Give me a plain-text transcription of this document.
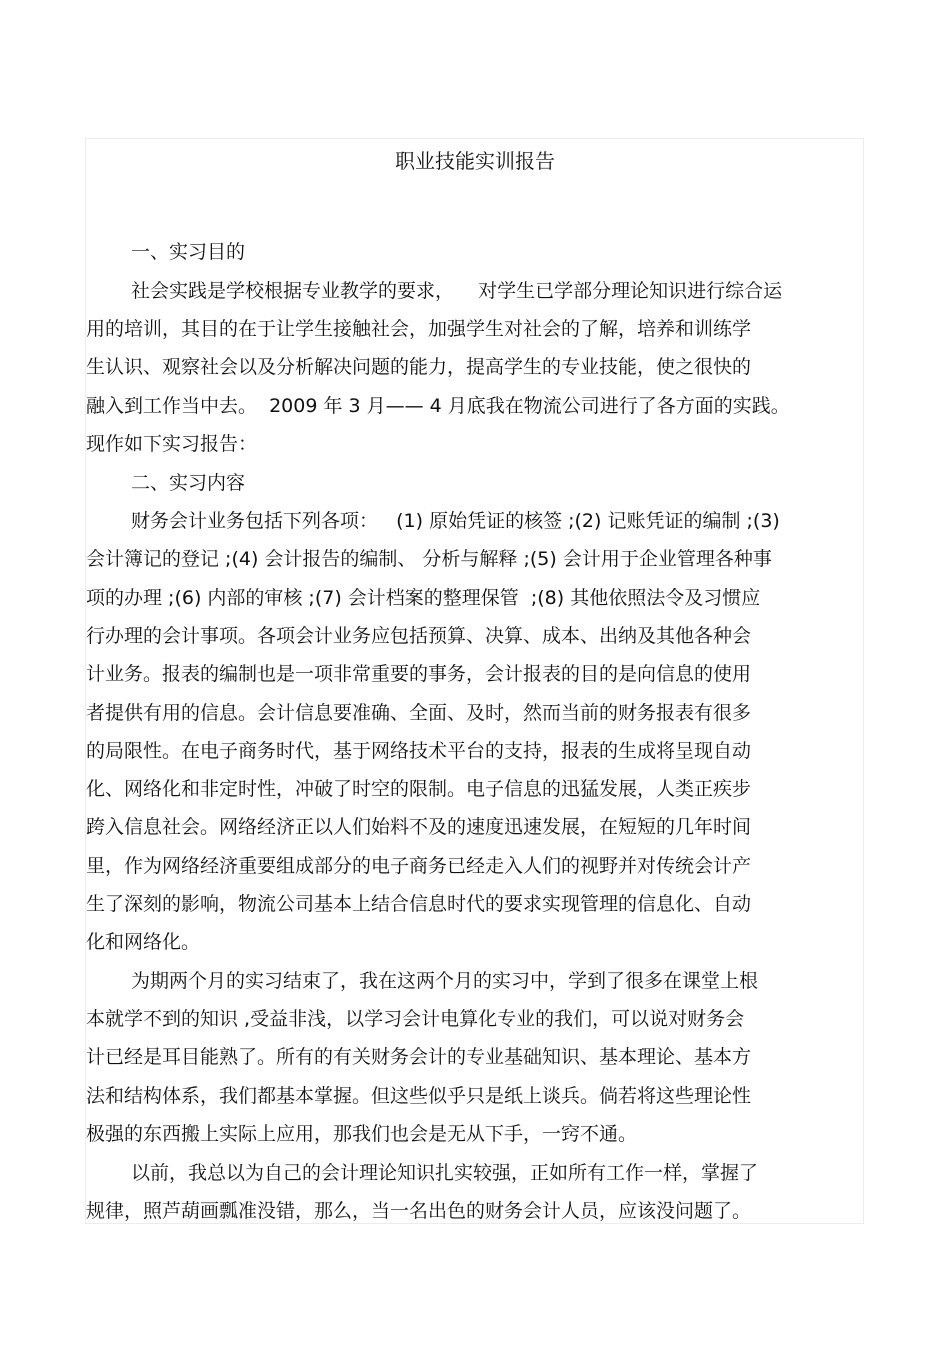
职业技能实训报告
一、实习目的
社会实践是学校根据专业教学的要求，    对学生已学部分理论知识进行综合运
用的培训，其目的在于让学生接触社会，加强学生对社会的了解，培养和训练学
生认识、观察社会以及分析解决问题的能力，提高学生的专业技能，使之很快的
融入到工作当中去。  2009 年 3 月—— 4 月底我在物流公司进行了各方面的实践。
现作如下实习报告：
二、实习内容
财务会计业务包括下列各项：   (1) 原始凭证的核签 ;(2) 记账凭证的编制 ;(3)
会计簿记的登记 ;(4) 会计报告的编制、 分析与解释 ;(5) 会计用于企业管理各种事
项的办理 ;(6) 内部的审核 ;(7) 会计档案的整理保管  ;(8) 其他依照法令及习惯应
行办理的会计事项。各项会计业务应包括预算、决算、成本、出纳及其他各种会
计业务。报表的编制也是一项非常重要的事务，会计报表的目的是向信息的使用
者提供有用的信息。会计信息要准确、全面、及时，然而当前的财务报表有很多
的局限性。在电子商务时代，基于网络技术平台的支持，报表的生成将呈现自动
化、网络化和非定时性，冲破了时空的限制。电子信息的迅猛发展，人类正疾步
跨入信息社会。网络经济正以人们始料不及的速度迅速发展，在短短的几年时间
里，作为网络经济重要组成部分的电子商务已经走入人们的视野并对传统会计产
生了深刻的影响，物流公司基本上结合信息时代的要求实现管理的信息化、自动
化和网络化。
为期两个月的实习结束了，我在这两个月的实习中，学到了很多在课堂上根
本就学不到的知识 ,受益非浅，以学习会计电算化专业的我们，可以说对财务会
计已经是耳目能熟了。所有的有关财务会计的专业基础知识、基本理论、基本方
法和结构体系，我们都基本掌握。但这些似乎只是纸上谈兵。倘若将这些理论性
极强的东西搬上实际上应用，那我们也会是无从下手，一窍不通。
以前，我总以为自己的会计理论知识扎实较强，正如所有工作一样，掌握了
规律，照芦葫画瓢准没错，那么，当一名出色的财务会计人员，应该没问题了。
